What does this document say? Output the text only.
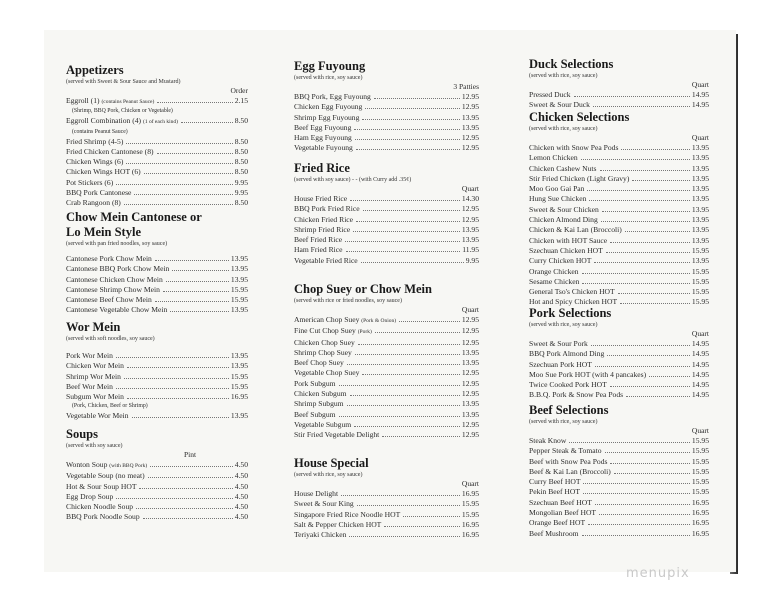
Appetizers
(served with Sweet & Sour Sauce and Mustard)
Order
Eggroll (1) (contains Peanut Sauce)	2.15
(Shrimp, BBQ Pork, Chicken or Vegetable)
Eggroll Combination (4) (1 of each kind)	8.50
(contains Peanut Sauce)
Fried Shrimp (4-5)	8.50
Fried Chicken Cantonese (8)	8.50
Chicken Wings (6)	8.50
Chicken Wings HOT (6)	8.50
Pot Stickers (6)	9.95
BBQ Pork Cantonese	9.95
Crab Rangoon (8)	8.50
Chow Mein Cantonese or
Lo Mein Style
(served with pan fried noodles, soy sauce)
Cantonese Pork Chow Mein	13.95
Cantonese BBQ Pork Chow Mein	13.95
Cantonese Chicken Chow Mein	13.95
Cantonese Shrimp Chow Mein	15.95
Cantonese Beef Chow Mein	15.95
Cantonese Vegetable Chow Mein	13.95
Wor Mein
(served with soft noodles, soy sauce)
Pork Wor Mein	13.95
Chicken Wor Mein	13.95
Shrimp Wor Mein	15.95
Beef Wor Mein	15.95
Subgum Wor Mein	16.95
(Pork, Chicken, Beef or Shrimp)
Vegetable Wor Mein	13.95
Soups
(served with soy sauce)
Pint
Wonton Soup (with BBQ Pork)	4.50
Vegetable Soup (no meat)	4.50
Hot & Sour Soup HOT	4.50
Egg Drop Soup	4.50
Chicken Noodle Soup	4.50
BBQ Pork Noodle Soup	4.50
Egg Fuyoung
(served with rice, soy sauce)
3 Patties
BBQ Pork, Egg Fuyoung	12.95
Chicken Egg Fuyoung	12.95
Shrimp Egg Fuyoung	13.95
Beef Egg Fuyoung	13.95
Ham Egg Fuyoung	12.95
Vegetable Fuyoung	12.95
Fried Rice
(served with soy sauce) - - (with Curry add .35¢)
Quart
House Fried Rice	14.30
BBQ Pork Fried Rice	12.95
Chicken Fried Rice	12.95
Shrimp Fried Rice	13.95
Beef Fried Rice	13.95
Ham Fried Rice	11.95
Vegetable Fried Rice	9.95
Chop Suey or Chow Mein
(served with rice or fried noodles, soy sauce)
Quart
American Chop Suey (Pork & Onion)	12.95
Fine Cut Chop Suey (Pork)	12.95
Chicken Chop Suey	12.95
Shrimp Chop Suey	13.95
Beef Chop Suey	13.95
Vegetable Chop Suey	12.95
Pork Subgum	12.95
Chicken Subgum	12.95
Shrimp Subgum	13.95
Beef Subgum	13.95
Vegetable Subgum	12.95
Stir Fried Vegetable Delight	12.95
House Special
(served with rice, soy sauce)
Quart
House Delight	16.95
Sweet & Sour King	15.95
Singapore Fried Rice Noodle HOT	15.95
Salt & Pepper Chicken HOT	16.95
Teriyaki Chicken	16.95
Duck Selections
(served with rice, soy sauce)
Quart
Pressed Duck	14.95
Sweet & Sour Duck	14.95
Chicken Selections
(served with rice, soy sauce)
Quart
Chicken with Snow Pea Pods	13.95
Lemon Chicken	13.95
Chicken Cashew Nuts	13.95
Stir Fried Chicken (Light Gravy)	13.95
Moo Goo Gai Pan	13.95
Hung Sue Chicken	13.95
Sweet & Sour Chicken	13.95
Chicken Almond Ding	13.95
Chicken & Kai Lan (Broccoli)	13.95
Chicken with HOT Sauce	13.95
Szechuan Chicken HOT	15.95
Curry Chicken HOT	13.95
Orange Chicken	15.95
Sesame Chicken	15.95
General Tso's Chicken HOT	15.95
Hot and Spicy Chicken HOT	15.95
Pork Selections
(served with rice, soy sauce)
Quart
Sweet & Sour Pork	14.95
BBQ Pork Almond Ding	14.95
Szechuan Pork HOT	14.95
Moo Sue Pork HOT (with 4 pancakes)	14.95
Twice Cooked Pork HOT	14.95
B.B.Q. Pork & Snow Pea Pods	14.95
Beef Selections
(served with rice, soy sauce)
Quart
Steak Know	15.95
Pepper Steak & Tomato	15.95
Beef with Snow Pea Pods	15.95
Beef & Kai Lan (Broccoli)	15.95
Curry Beef HOT	15.95
Pekin Beef HOT	15.95
Szechuan Beef HOT	16.95
Mongolian Beef HOT	16.95
Orange Beef HOT	16.95
Beef Mushroom	16.95
menupix
